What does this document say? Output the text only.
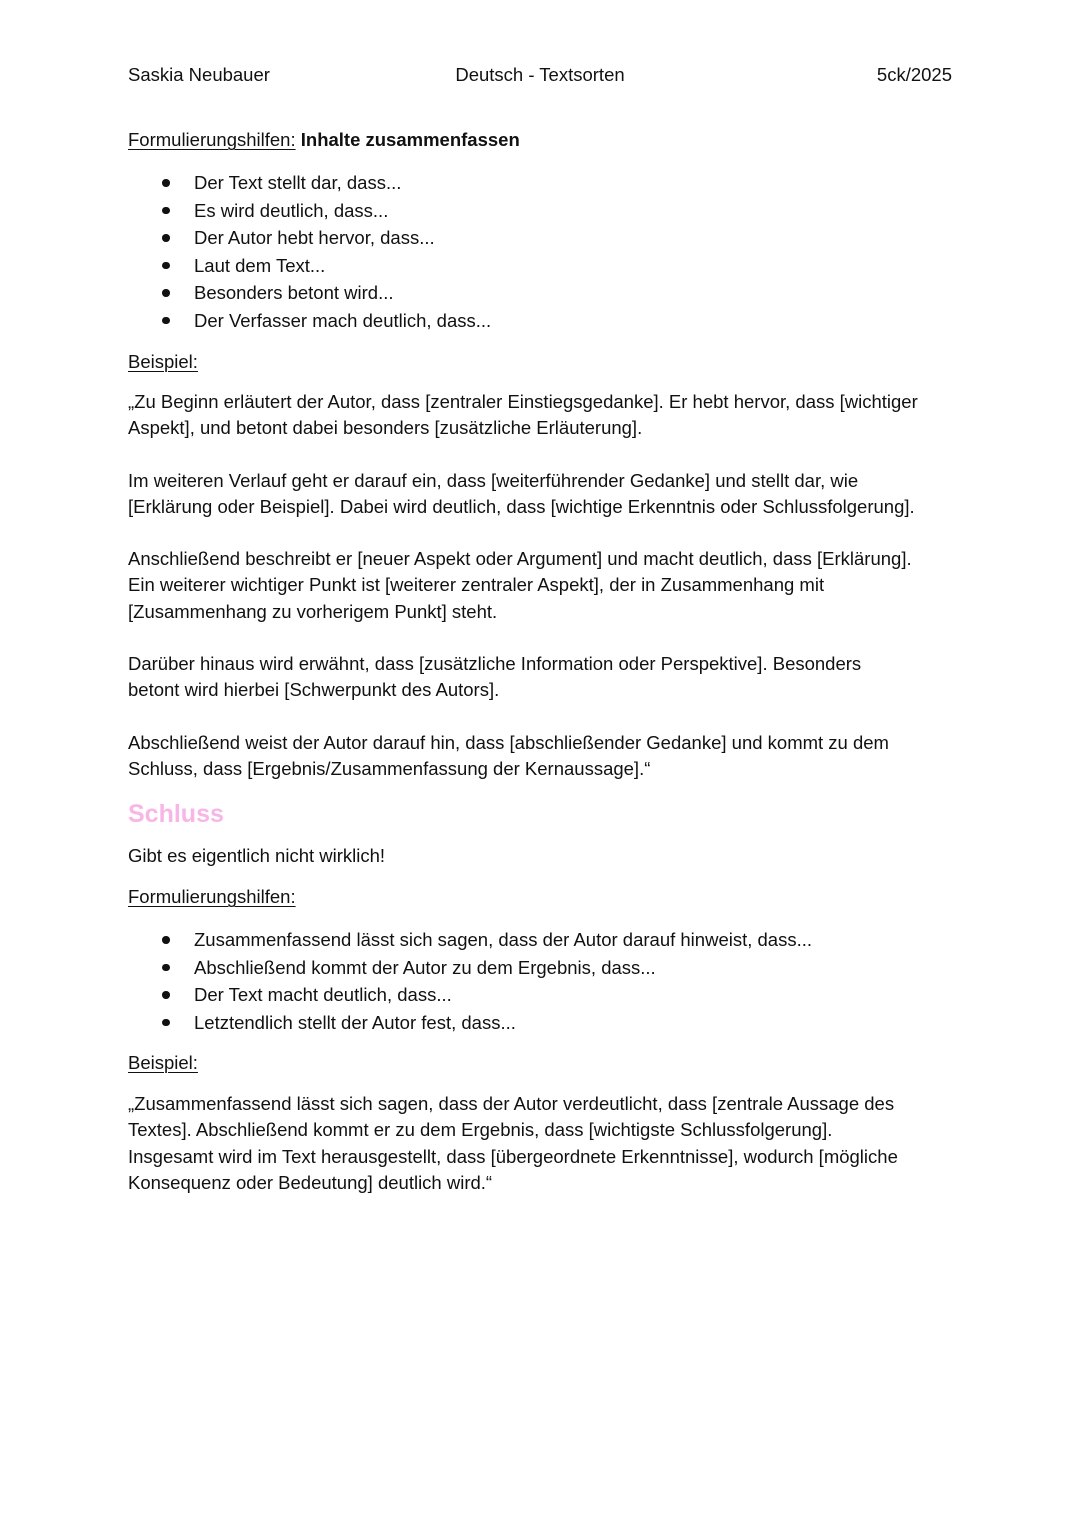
Saskia Neubauer	Deutsch - Textsorten	5ck/2025
Formulierungshilfen: Inhalte zusammenfassen
Der Text stellt dar, dass...
Es wird deutlich, dass...
Der Autor hebt hervor, dass...
Laut dem Text...
Besonders betont wird...
Der Verfasser mach deutlich, dass...
Beispiel:
„Zu Beginn erläutert der Autor, dass [zentraler Einstiegsgedanke]. Er hebt hervor, dass [wichtiger
Aspekt], und betont dabei besonders [zusätzliche Erläuterung].
Im weiteren Verlauf geht er darauf ein, dass [weiterführender Gedanke] und stellt dar, wie
[Erklärung oder Beispiel]. Dabei wird deutlich, dass [wichtige Erkenntnis oder Schlussfolgerung].
Anschließend beschreibt er [neuer Aspekt oder Argument] und macht deutlich, dass [Erklärung].
Ein weiterer wichtiger Punkt ist [weiterer zentraler Aspekt], der in Zusammenhang mit
[Zusammenhang zu vorherigem Punkt] steht.
Darüber hinaus wird erwähnt, dass [zusätzliche Information oder Perspektive]. Besonders
betont wird hierbei [Schwerpunkt des Autors].
Abschließend weist der Autor darauf hin, dass [abschließender Gedanke] und kommt zu dem
Schluss, dass [Ergebnis/Zusammenfassung der Kernaussage].“
Schluss
Gibt es eigentlich nicht wirklich!
Formulierungshilfen:
Zusammenfassend lässt sich sagen, dass der Autor darauf hinweist, dass...
Abschließend kommt der Autor zu dem Ergebnis, dass...
Der Text macht deutlich, dass...
Letztendlich stellt der Autor fest, dass...
Beispiel:
„Zusammenfassend lässt sich sagen, dass der Autor verdeutlicht, dass [zentrale Aussage des
Textes]. Abschließend kommt er zu dem Ergebnis, dass [wichtigste Schlussfolgerung].
Insgesamt wird im Text herausgestellt, dass [übergeordnete Erkenntnisse], wodurch [mögliche
Konsequenz oder Bedeutung] deutlich wird.“
